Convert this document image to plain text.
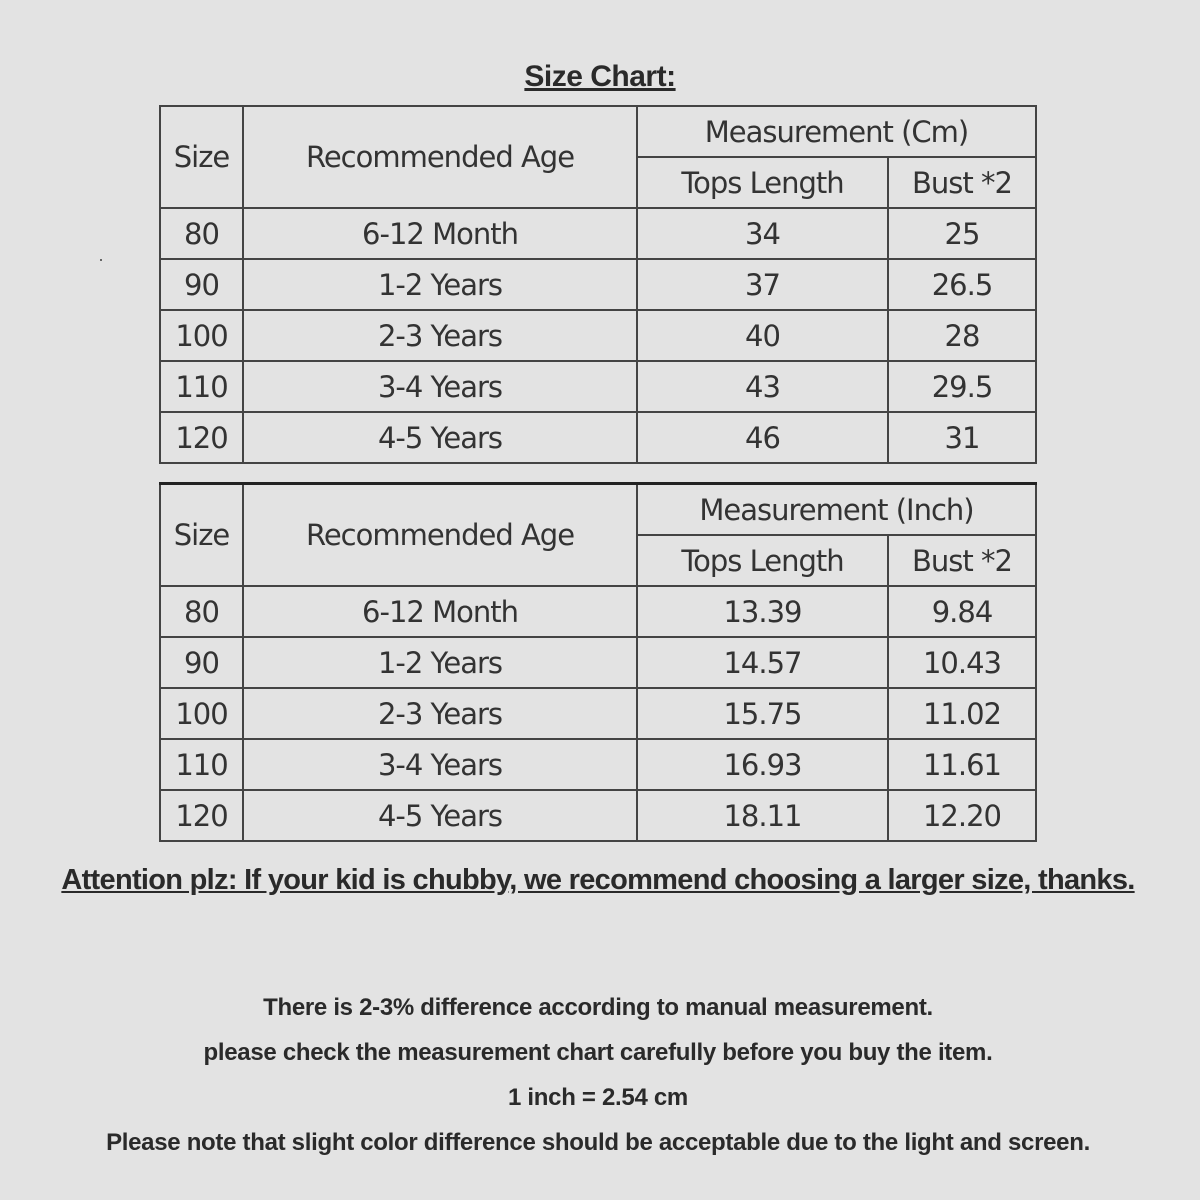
Size Chart:
Size	Recommended Age	Measurement (Cm)	
		Tops Length	Bust *2
80	6-12 Month	34	25
90	1-2 Years	37	26.5
100	2-3 Years	40	28
110	3-4 Years	43	29.5
120	4-5 Years	46	31
Size	Recommended Age	Measurement (Inch)	
		Tops Length	Bust *2
80	6-12 Month	13.39	9.84
90	1-2 Years	14.57	10.43
100	2-3 Years	15.75	11.02
110	3-4 Years	16.93	11.61
120	4-5 Years	18.11	12.20
Attention plz: If your kid is chubby, we recommend choosing a larger size, thanks.
There is 2-3% difference according to manual measurement.
please check the measurement chart carefully before you buy the item.
1 inch = 2.54 cm
Please note that slight color difference should be acceptable due to the light and screen.
